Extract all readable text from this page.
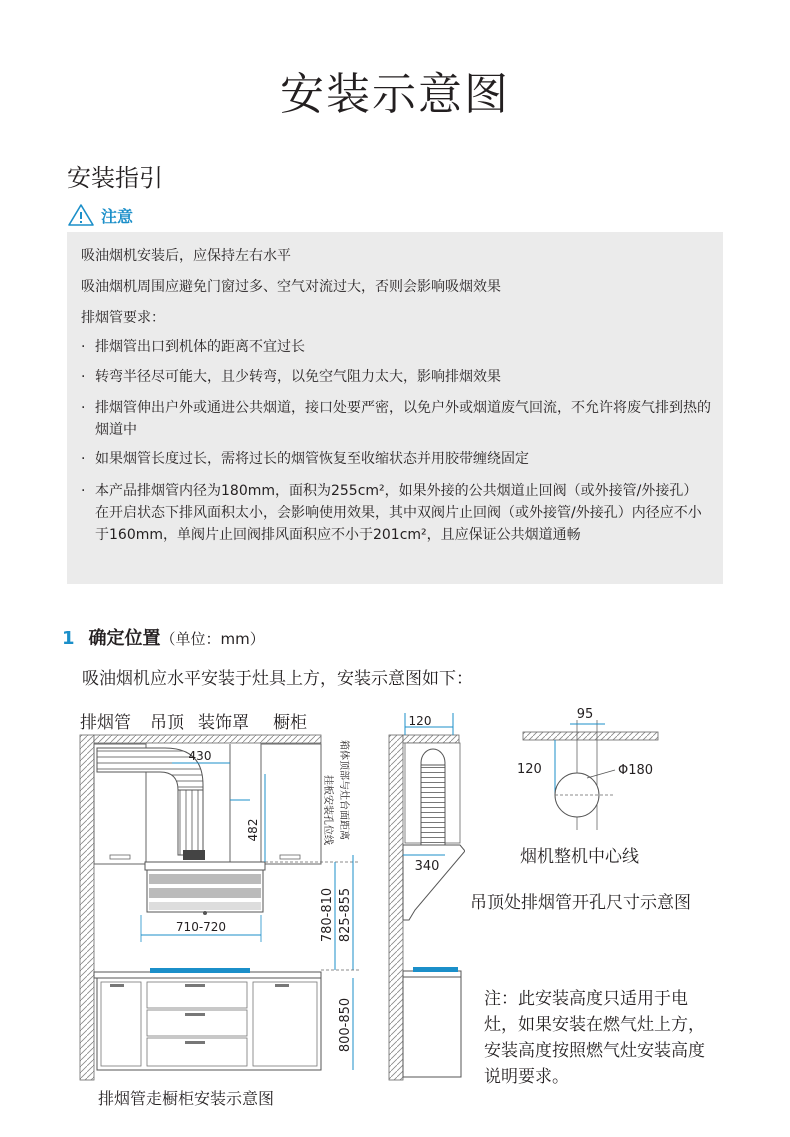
安装示意图
安装指引
注意
吸油烟机安装后，应保持左右水平
吸油烟机周围应避免门窗过多、空气对流过大，否则会影响吸烟效果
排烟管要求：
· 排烟管出口到机体的距离不宜过长
· 转弯半径尽可能大，且少转弯，以免空气阻力太大，影响排烟效果
· 排烟管伸出户外或通进公共烟道，接口处要严密，以免户外或烟道废气回流，不允许将废气排到热的烟道中
· 如果烟管长度过长，需将过长的烟管恢复至收缩状态并用胶带缠绕固定
· 本产品排烟管内径为180mm，面积为255cm²，如果外接的公共烟道止回阀（或外接管/外接孔）在开启状态下排风面积太小，会影响使用效果，其中双阀片止回阀（或外接管/外接孔）内径应不小于160mm，单阀片止回阀排风面积应不小于201cm²，且应保证公共烟道通畅
1 确定位置（单位：mm）
吸油烟机应水平安装于灶具上方，安装示意图如下：
排烟管 吊顶 装饰罩 橱柜
430
482
710-720	780-810 825-855
挂板安装孔位线 箱体顶部与灶台面距离
800-850
排烟管走橱柜安装示意图
120
340
95
120	Φ180
烟机整机中心线
吊顶处排烟管开孔尺寸示意图
注：此安装高度只适用于电灶，如果安装在燃气灶上方，安装高度按照燃气灶安装高度说明要求。
